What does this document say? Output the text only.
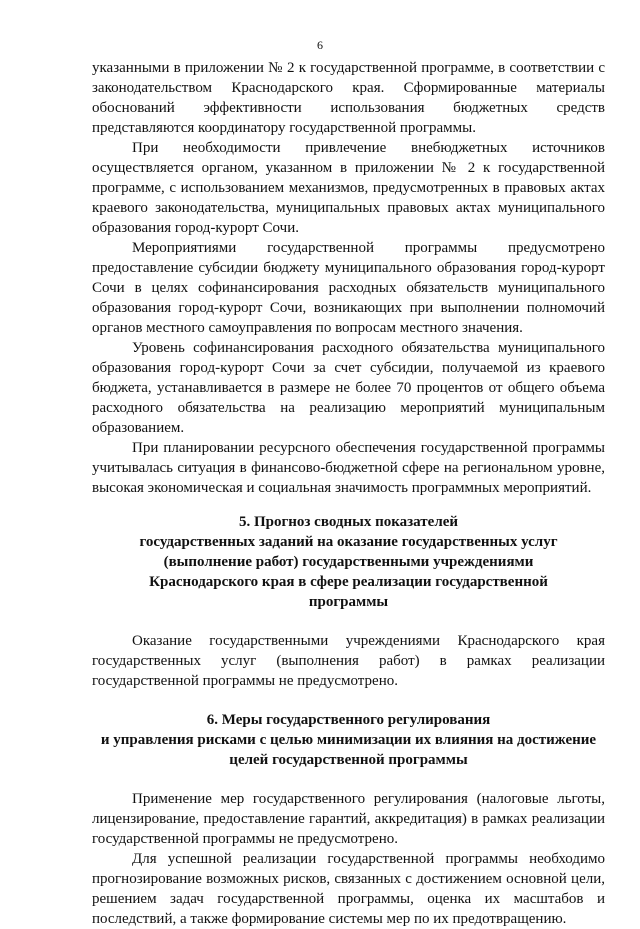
6

указанными в приложении № 2 к государственной программе, в соответствии с законодательством Краснодарского края. Сформированные материалы обоснований эффективности использования бюджетных средств представляются координатору государственной программы.

При необходимости привлечение внебюджетных источников осуществляется органом, указанном в приложении № 2 к государственной программе, с использованием механизмов, предусмотренных в правовых актах краевого законодательства, муниципальных правовых актах муниципального образования город-курорт Сочи.

Мероприятиями государственной программы предусмотрено предоставление субсидии бюджету муниципального образования город-курорт Сочи в целях софинансирования расходных обязательств муниципального образования город-курорт Сочи, возникающих при выполнении полномочий органов местного самоуправления по вопросам местного значения.

Уровень софинансирования расходного обязательства муниципального образования город-курорт Сочи за счет субсидии, получаемой из краевого бюджета, устанавливается в размере не более 70 процентов от общего объема расходного обязательства на реализацию мероприятий муниципальным образованием.

При планировании ресурсного обеспечения государственной программы учитывалась ситуация в финансово-бюджетной сфере на региональном уровне, высокая экономическая и социальная значимость программных мероприятий.

5. Прогноз сводных показателей
государственных заданий на оказание государственных услуг
(выполнение работ) государственными учреждениями
Краснодарского края в сфере реализации государственной
программы

Оказание государственными учреждениями Краснодарского края государственных услуг (выполнения работ) в рамках реализации государственной программы не предусмотрено.

6. Меры государственного регулирования
и управления рисками с целью минимизации их влияния на достижение
целей государственной программы

Применение мер государственного регулирования (налоговые льготы, лицензирование, предоставление гарантий, аккредитация) в рамках реализации государственной программы не предусмотрено.

Для успешной реализации государственной программы необходимо прогнозирование возможных рисков, связанных с достижением основной цели, решением задач государственной программы, оценка их масштабов и последствий, а также формирование системы мер по их предотвращению.
